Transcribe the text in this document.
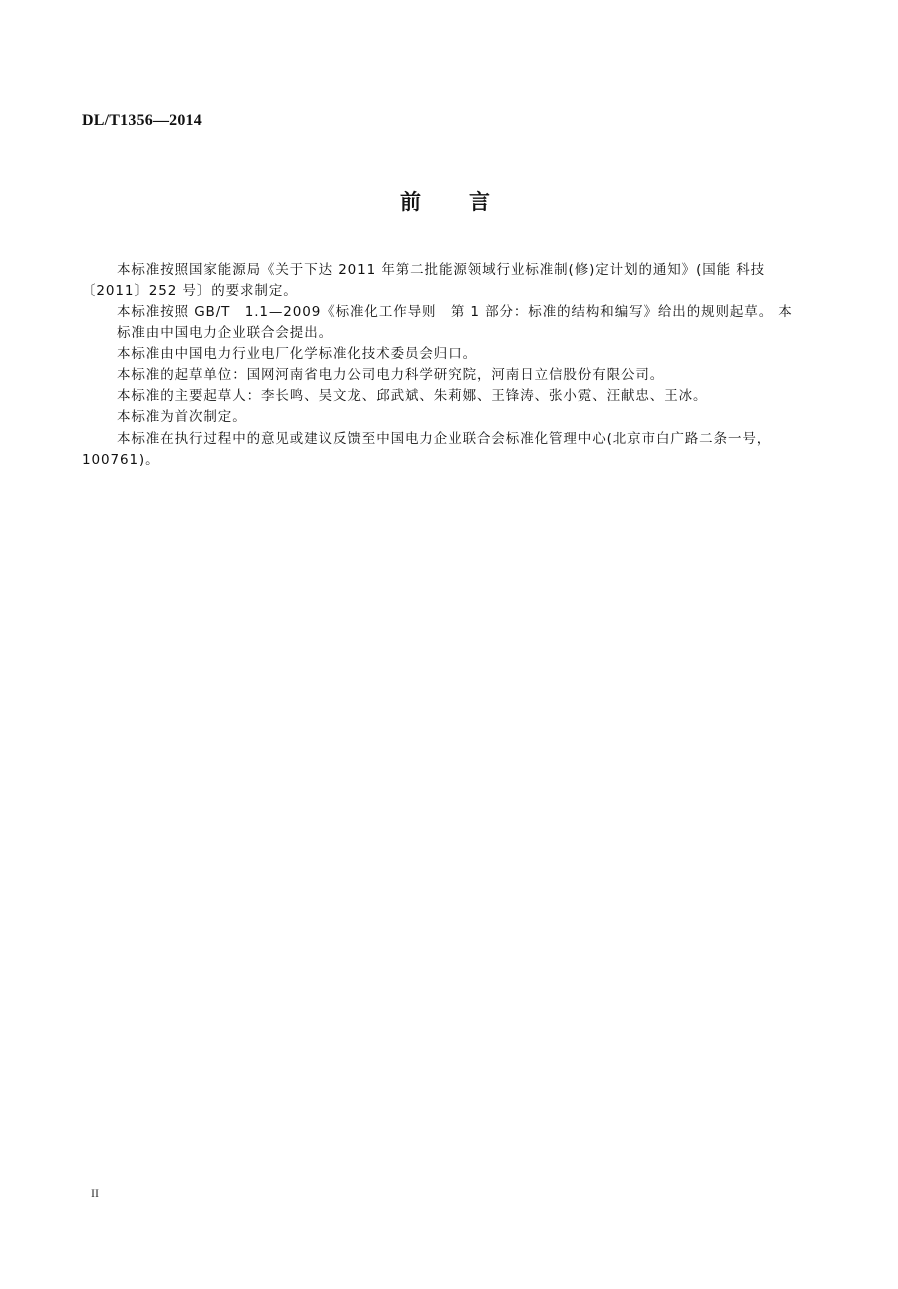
DL/T1356—2014
前言

本标准按照国家能源局《关于下达 2011 年第二批能源领域行业标准制(修)定计划的通知》(国能 科技〔2011〕252 号〕的要求制定。

本标准按照 GB/T　1.1—2009《标准化工作导则　第 1 部分：标准的结构和编写》给出的规则起草。 本标准由中国电力企业联合会提出。

本标准由中国电力行业电厂化学标准化技术委员会归口。

本标准的起草单位：国网河南省电力公司电力科学研究院，河南日立信股份有限公司。

本标准的主要起草人：李长鸣、吴文龙、邱武斌、朱莉娜、王锋涛、张小霓、汪献忠、王冰。

本标准为首次制定。

本标准在执行过程中的意见或建议反馈至中国电力企业联合会标准化管理中心(北京市白广路二条一号，100761)。

II
